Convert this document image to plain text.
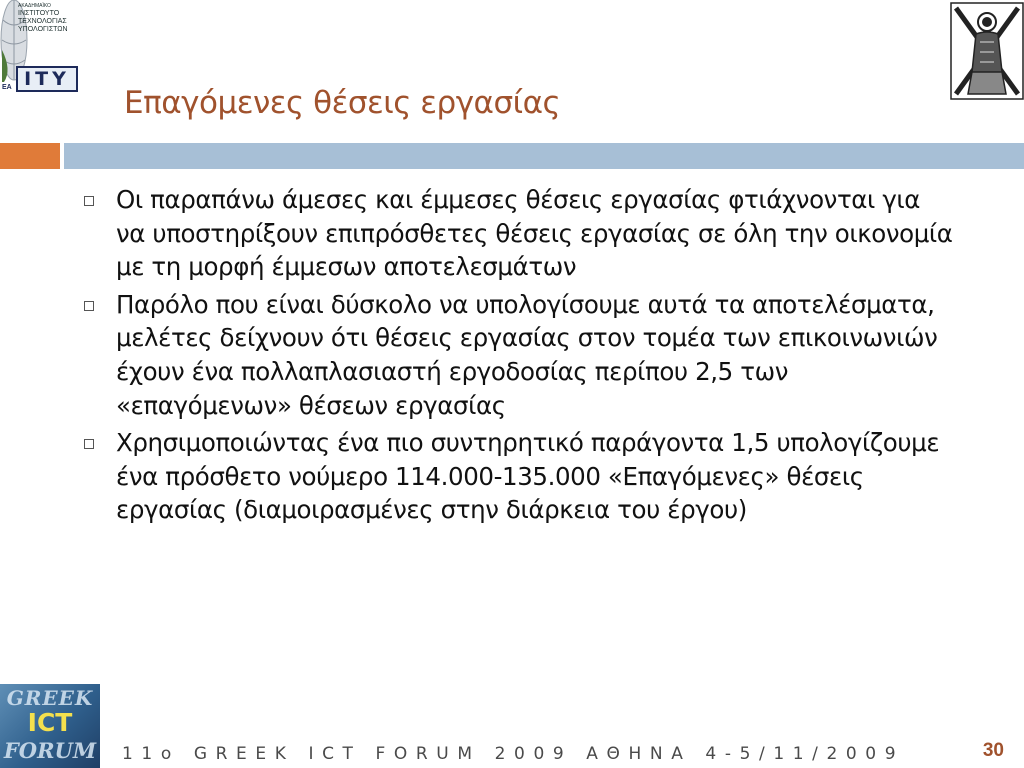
ΑΚΑΔΗΜΑΪΚΟ
ΙΝΣΤΙΤΟΥΤΟ
ΤΕΧΝΟΛΟΓΙΑΣ
ΥΠΟΛΟΓΙΣΤΩΝ
ITY
ΕΑ	Επαγόμενες θέσεις εργασίας
Οι παραπάνω άμεσες και έμμεσες θέσεις εργασίας φτιάχνονται για να υποστηρίξουν επιπρόσθετες θέσεις εργασίας σε όλη την οικονομία με τη μορφή έμμεσων αποτελεσμάτων
Παρόλο που είναι δύσκολο να υπολογίσουμε αυτά τα αποτελέσματα, μελέτες δείχνουν ότι θέσεις εργασίας στον τομέα των επικοινωνιών έχουν ένα πολλαπλασιαστή εργοδοσίας περίπου 2,5 των «επαγόμενων» θέσεων εργασίας
Χρησιμοποιώντας ένα πιο συντηρητικό παράγοντα 1,5 υπολογίζουμε ένα πρόσθετο νούμερο 114.000-135.000 «Επαγόμενες» θέσεις εργασίας (διαμοιρασμένες στην διάρκεια του έργου)
GREEK
ICT
FORUM 11ο GREEK ICT FORUM 2009 ΑΘΗΝΑ 4-5/11/2009	30
